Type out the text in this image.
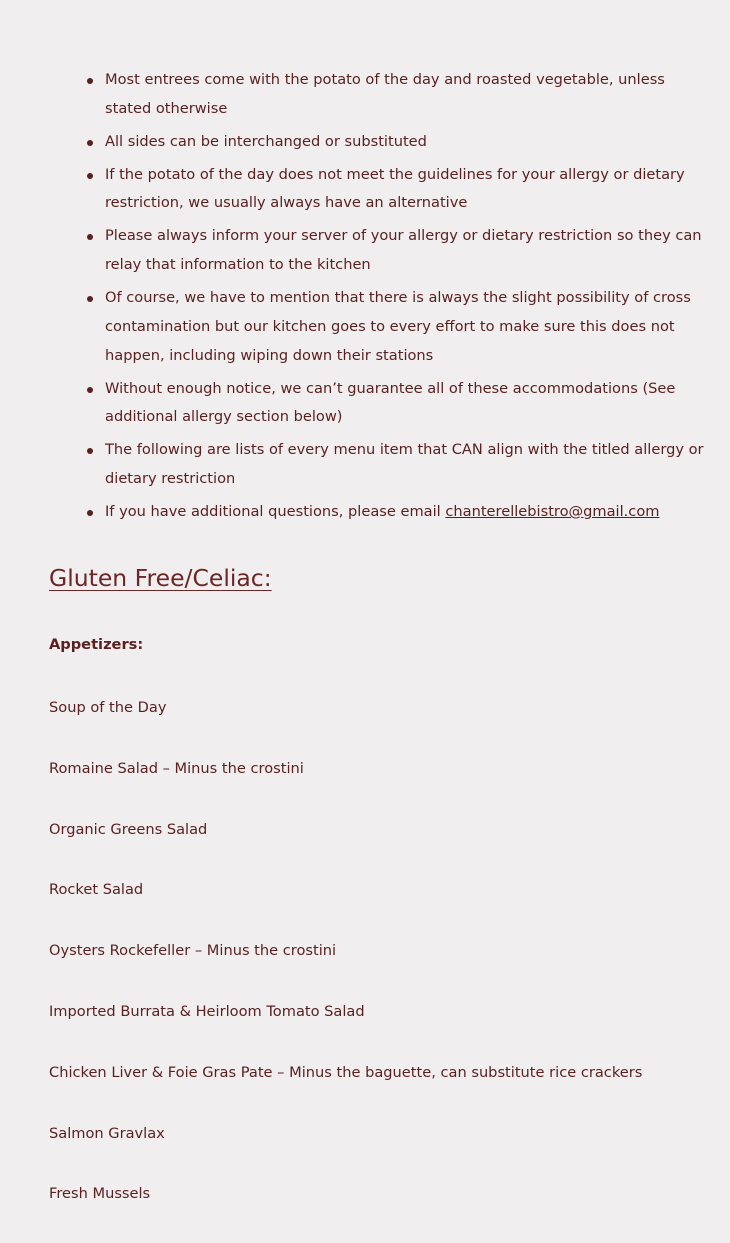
Most entrees come with the potato of the day and roasted vegetable, unless stated otherwise
All sides can be interchanged or substituted
If the potato of the day does not meet the guidelines for your allergy or dietary restriction, we usually always have an alternative
Please always inform your server of your allergy or dietary restriction so they can relay that information to the kitchen
Of course, we have to mention that there is always the slight possibility of cross contamination but our kitchen goes to every effort to make sure this does not happen, including wiping down their stations
Without enough notice, we can’t guarantee all of these accommodations (See additional allergy section below)
The following are lists of every menu item that CAN align with the titled allergy or dietary restriction
If you have additional questions, please email chanterellebistro@gmail.com
Gluten Free/Celiac:
Appetizers:
Soup of the Day
Romaine Salad – Minus the crostini
Organic Greens Salad
Rocket Salad
Oysters Rockefeller – Minus the crostini
Imported Burrata & Heirloom Tomato Salad
Chicken Liver & Foie Gras Pate – Minus the baguette, can substitute rice crackers
Salmon Gravlax
Fresh Mussels
